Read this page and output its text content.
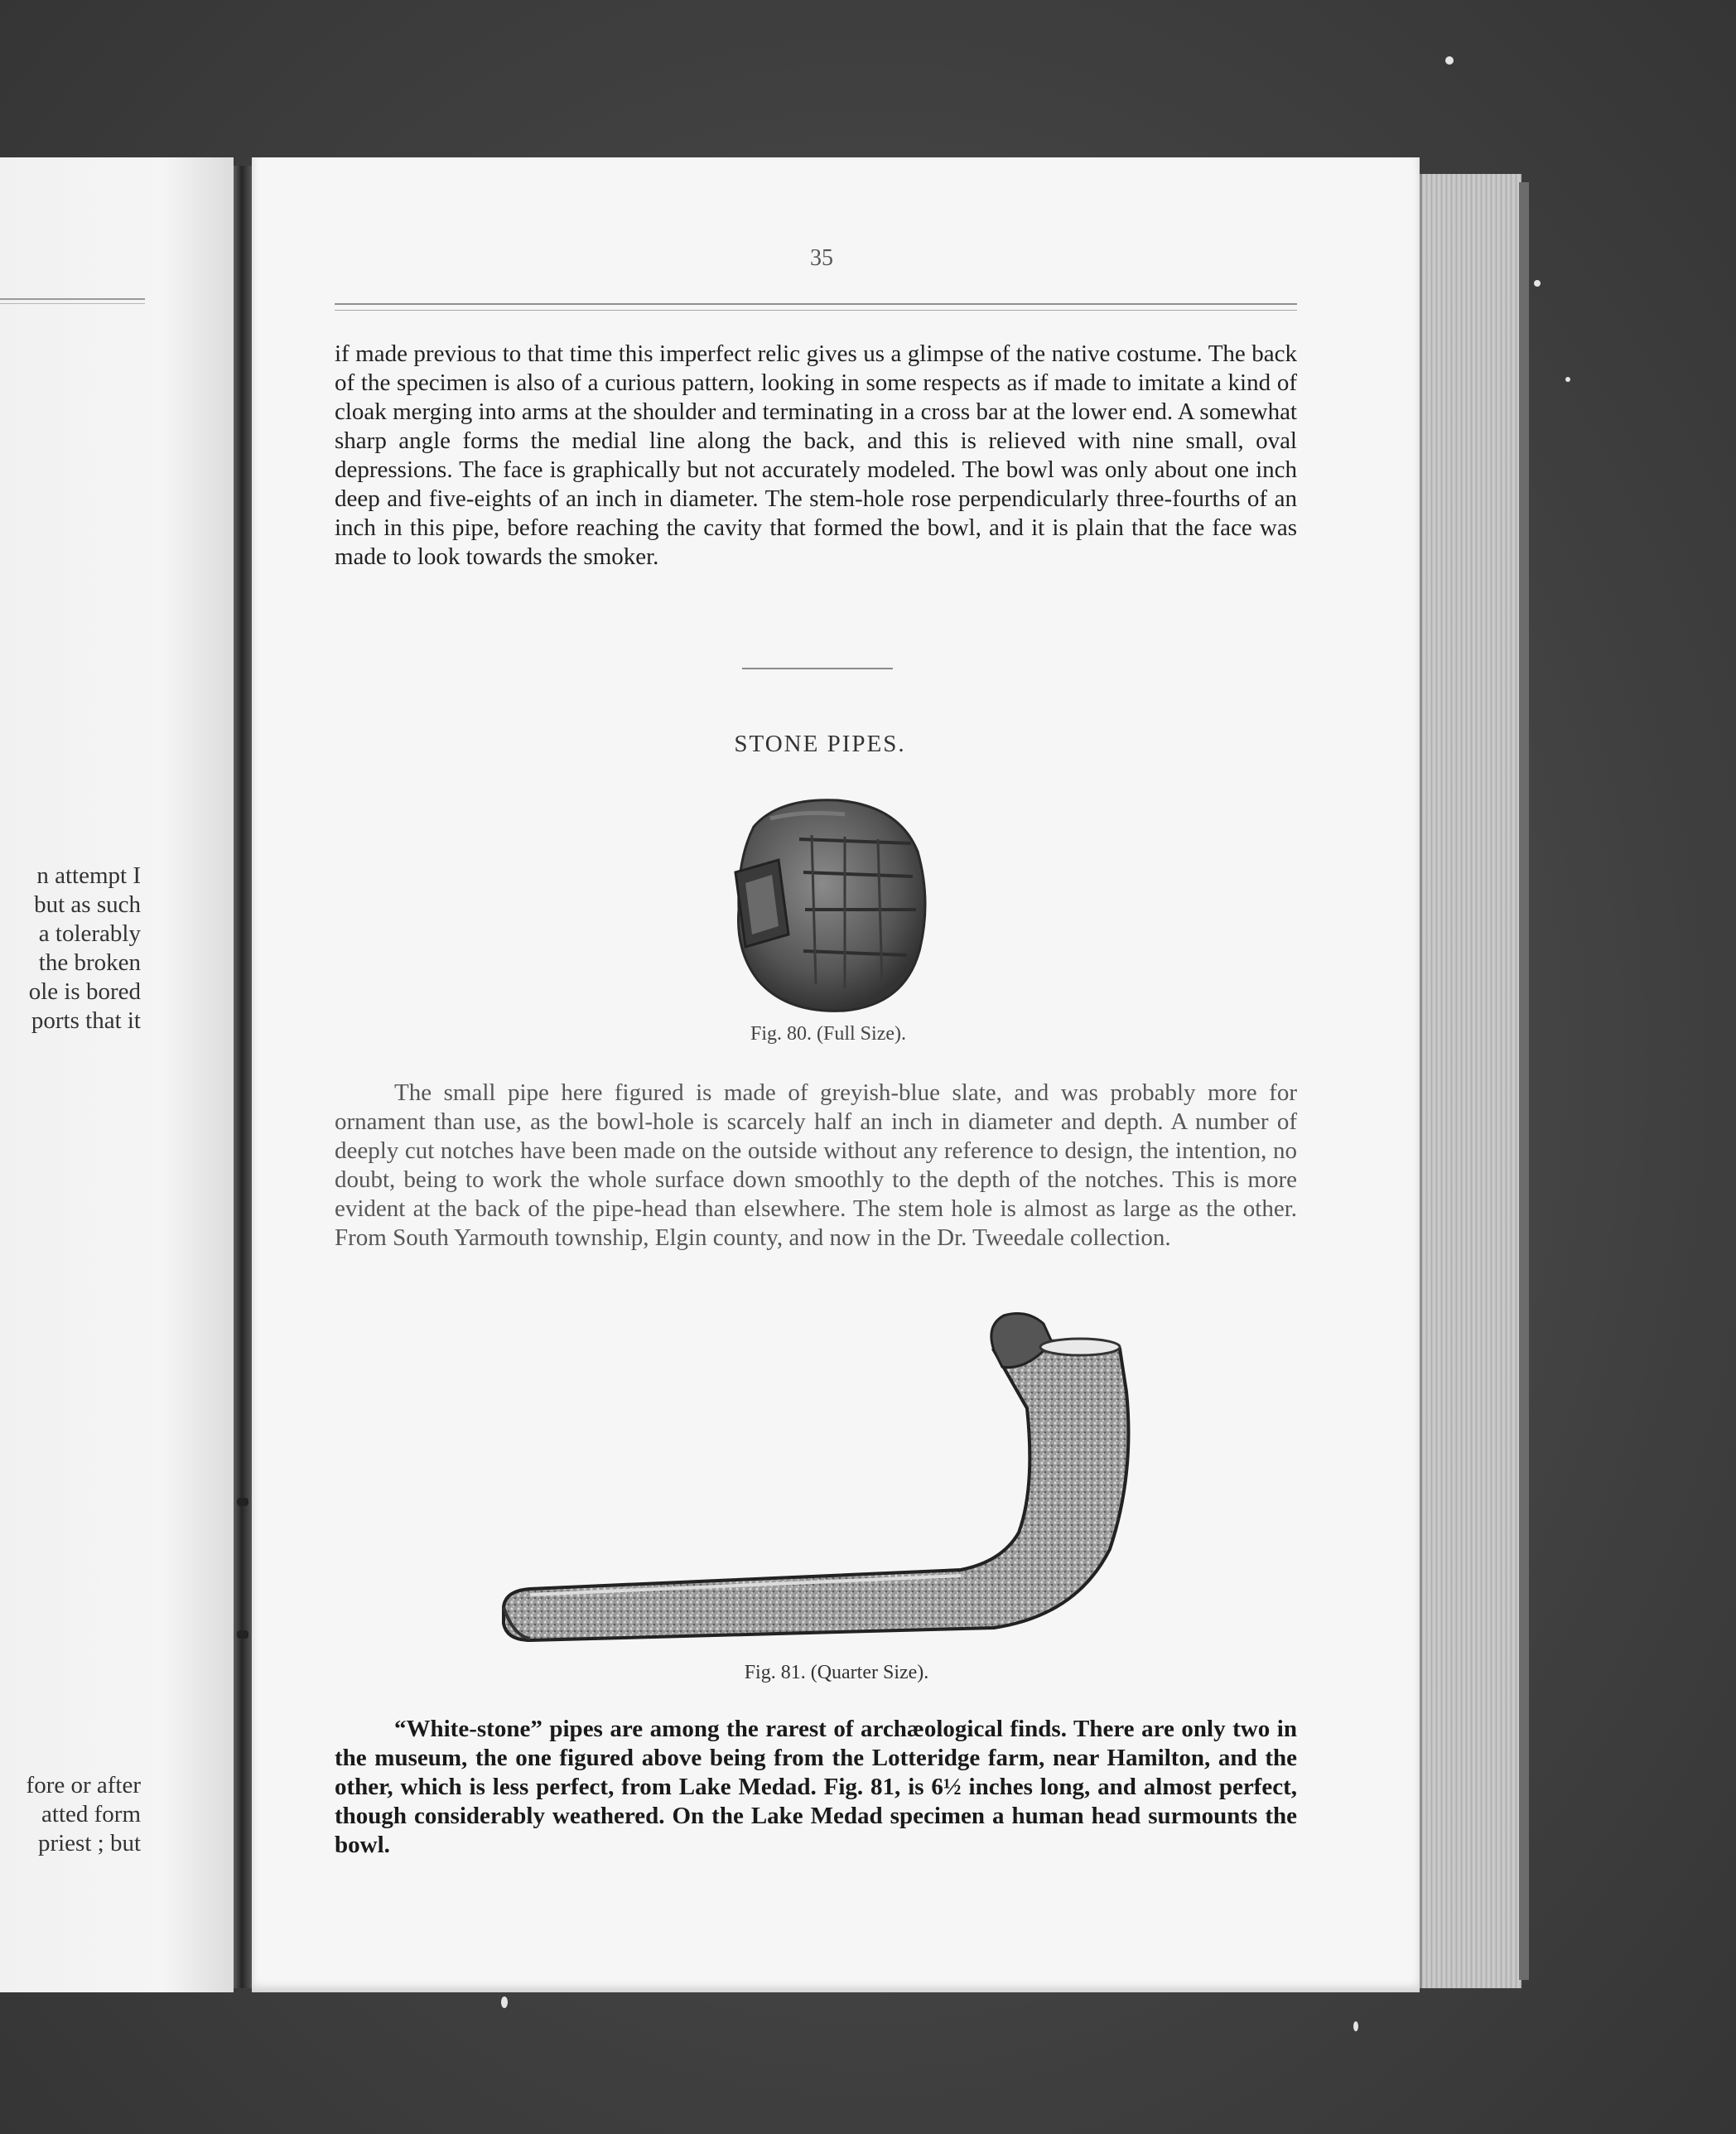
n attempt I
but as such
a tolerably
the broken
ole is bored
ports that it
fore or after
atted form
priest ; but
35

if made previous to that time this imperfect relic gives us a glimpse of the native costume. The back of the specimen is also of a curious pattern, looking in some respects as if made to imitate a kind of cloak merging into arms at the shoulder and terminating in a cross bar at the lower end. A somewhat sharp angle forms the medial line along the back, and this is relieved with nine small, oval depressions. The face is graphically but not accurately modeled. The bowl was only about one inch deep and five-eights of an inch in diameter. The stem-hole rose perpendicularly three-fourths of an inch in this pipe, before reaching the cavity that formed the bowl, and it is plain that the face was made to look towards the smoker.

STONE PIPES.
Fig. 80. (Full Size).

The small pipe here figured is made of greyish-blue slate, and was probably more for ornament than use, as the bowl-hole is scarcely half an inch in diameter and depth. A number of deeply cut notches have been made on the outside without any reference to design, the intention, no doubt, being to work the whole surface down smoothly to the depth of the notches. This is more evident at the back of the pipe-head than elsewhere. The stem hole is almost as large as the other. From South Yarmouth township, Elgin county, and now in the Dr. Tweedale collection.

Fig. 81. (Quarter Size).

“White-stone” pipes are among the rarest of archæological finds. There are only two in the museum, the one figured above being from the Lotteridge farm, near Hamilton, and the other, which is less perfect, from Lake Medad. Fig. 81, is 6½ inches long, and almost perfect, though considerably weathered. On the Lake Medad specimen a human head surmounts the bowl.
